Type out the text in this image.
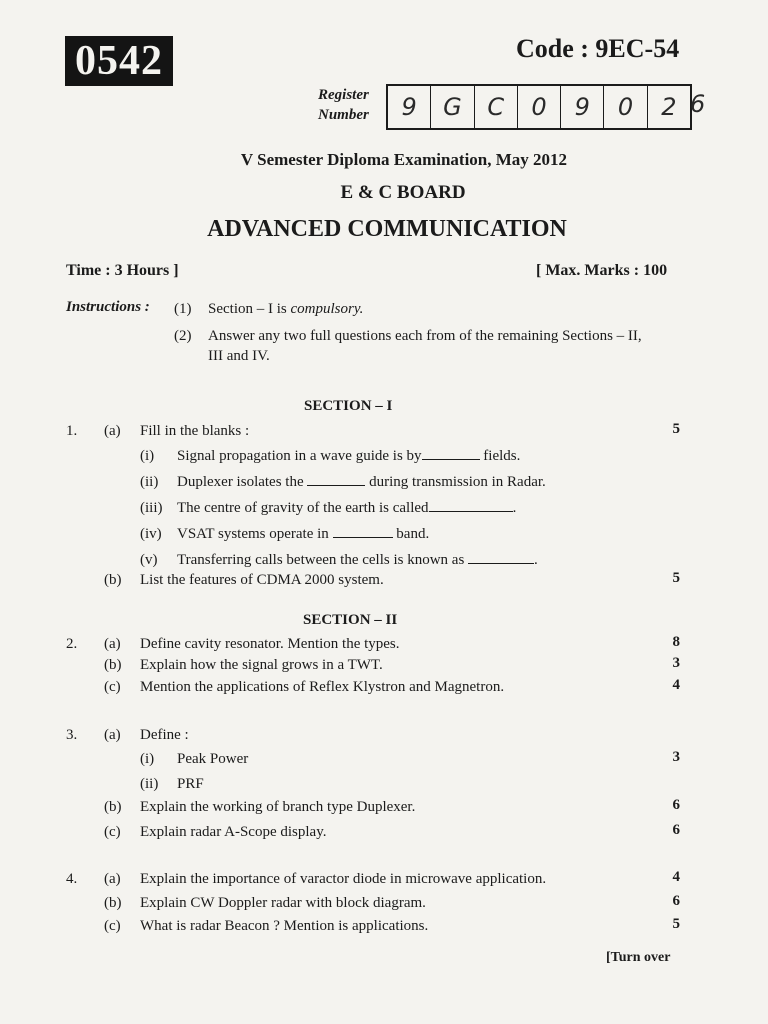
0542	Code : 9EC-54
Register
Number	9	G	C	0	9	0	2 6
V Semester Diploma Examination, May 2012
E & C BOARD
ADVANCED COMMUNICATION
Time : 3 Hours ]	[ Max. Marks : 100
Instructions : (1) Section – I is compulsory.
(2) Answer any two full questions each from of the remaining Sections – II,
III and IV.
SECTION – I
1. (a) Fill in the blanks :	5
(i) Signal propagation in a wave guide is by	fields.
(ii) Duplexer isolates the	during transmission in Radar.
(iii) The centre of gravity of the earth is called	.
(iv) VSAT systems operate in	band.
(v) Transferring calls between the cells is known as	.
(b) List the features of CDMA 2000 system.	5
SECTION – II
2. (a) Define cavity resonator. Mention the types.	8
(b) Explain how the signal grows in a TWT.	3
(c) Mention the applications of Reflex Klystron and Magnetron.	4
3. (a) Define :
(i) Peak Power	3
(ii) PRF
(b) Explain the working of branch type Duplexer.	6
(c) Explain radar A-Scope display.	6
4. (a) Explain the importance of varactor diode in microwave application.	4
(b) Explain CW Doppler radar with block diagram.	6
(c) What is radar Beacon ? Mention is applications.	5
[Turn over
